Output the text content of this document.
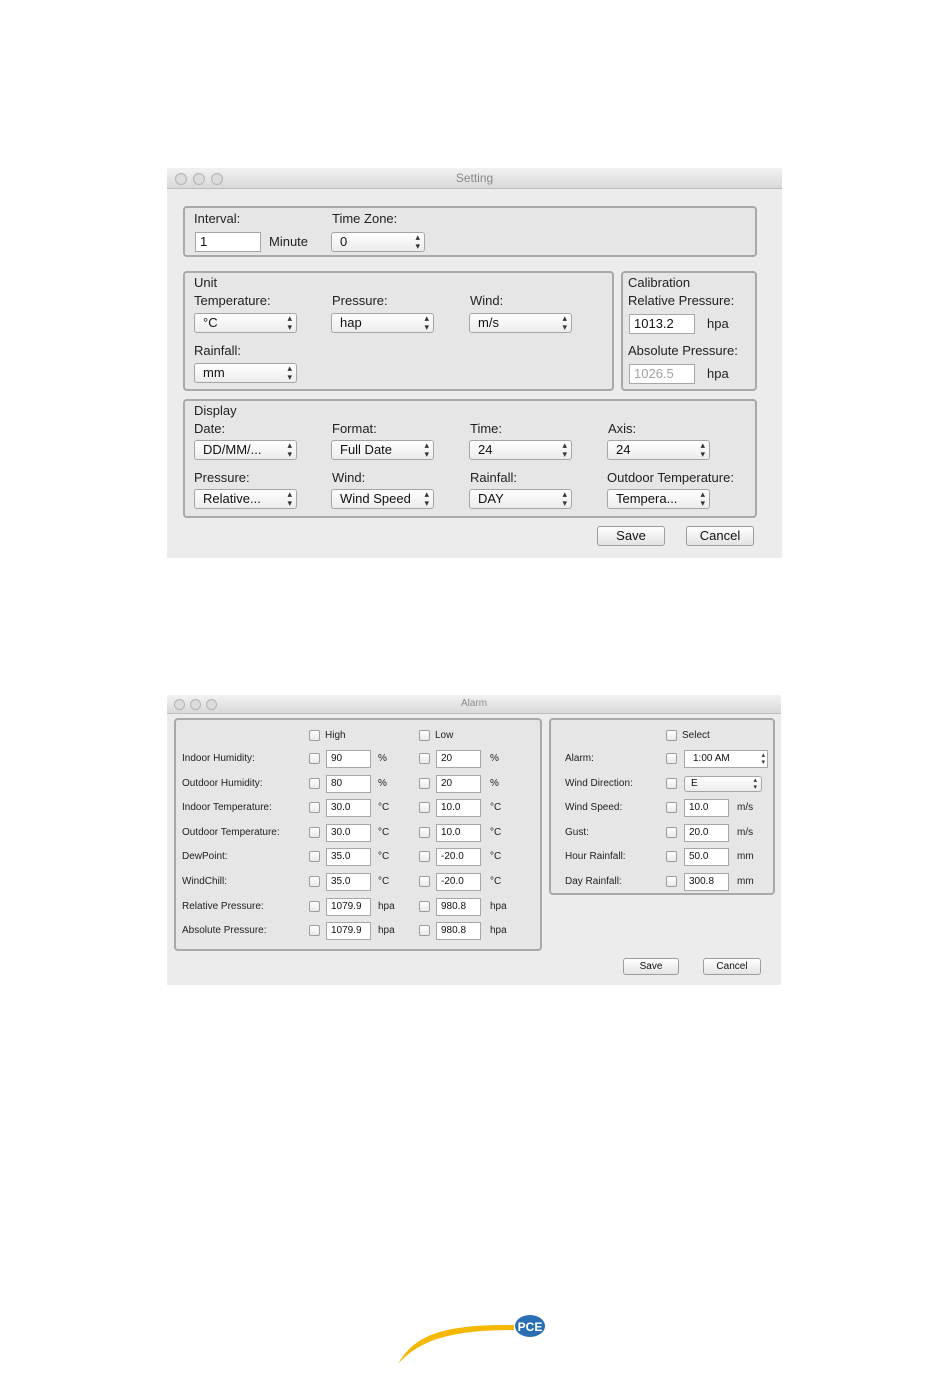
Setting
Interval:
1	Minute
Time Zone:
0	▴
▾
Unit
Temperature:
°C	▴
▾
Pressure:
hap	▴
▾
Wind:
m/s	▴
▾
Rainfall:
mm	▴
▾
Calibration
Relative Pressure:
1013.2	hpa
Absolute Pressure:
1026.5	hpa
Display
Date:
DD/MM/...	▴
▾
Format:
Full Date	▴
▾
Time:
24	▴
▾
Axis:
24	▴
▾
Pressure:
Relative...	▴
▾
Wind:
Wind Speed ▴
▾
Rainfall:
DAY	▴
▾
Outdoor Temperature:
Tempera...	▴
▾
Save	Cancel
Alarm
High	Low
Indoor Humidity:	90	%	20	%
Outdoor Humidity:	80	%	20	%
Indoor Temperature:	30.0	°C	10.0	°C
Outdoor Temperature:	30.0	°C	10.0	°C
DewPoint:	35.0	°C	-20.0	°C
WindChill:	35.0	°C	-20.0	°C
Relative Pressure:	1079.9	hpa	980.8	hpa
Absolute Pressure:	1079.9	hpa	980.8	hpa
Select
Alarm:	1:00 AM	▴
▾
Wind Direction:	E	▴
▾
Wind Speed:	10.0	m/s
Gust:	20.0	m/s
Hour Rainfall:	50.0	mm
Day Rainfall:	300.8	mm
Save	Cancel
PCE
